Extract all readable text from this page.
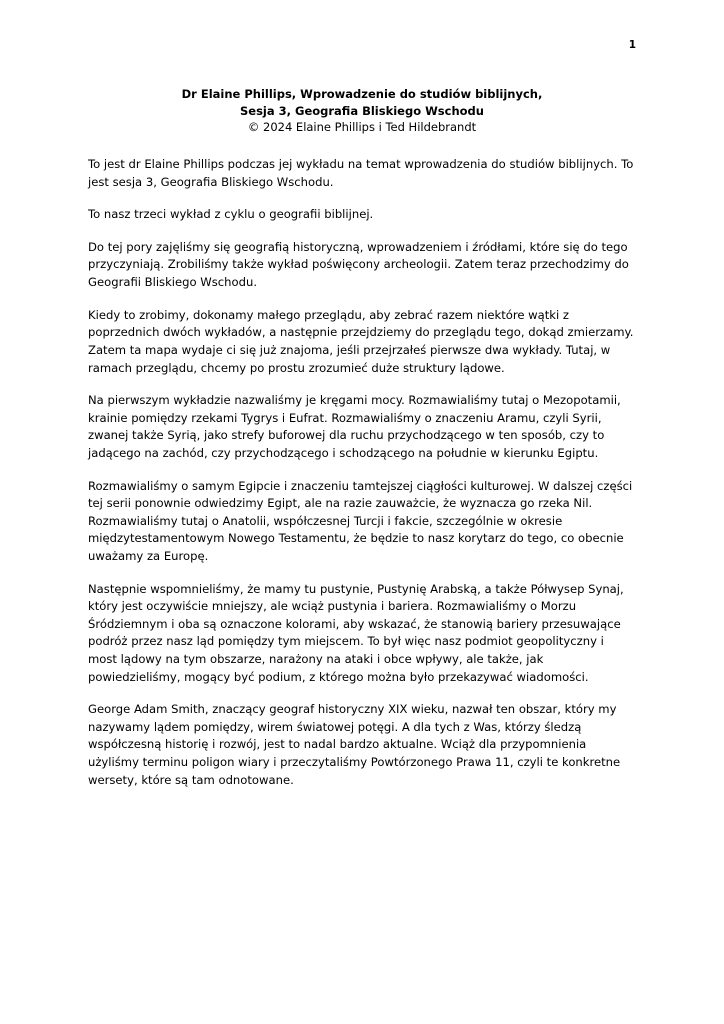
1
Dr Elaine Phillips, Wprowadzenie do studiów biblijnych,
Sesja 3, Geografia Bliskiego Wschodu
© 2024 Elaine Phillips i Ted Hildebrandt

To jest dr Elaine Phillips podczas jej wykładu na temat wprowadzenia do studiów biblijnych. To jest sesja 3, Geografia Bliskiego Wschodu.

To nasz trzeci wykład z cyklu o geografii biblijnej.

Do tej pory zajęliśmy się geografią historyczną, wprowadzeniem i źródłami, które się do tego przyczyniają. Zrobiliśmy także wykład poświęcony archeologii. Zatem teraz przechodzimy do Geografii Bliskiego Wschodu.

Kiedy to zrobimy, dokonamy małego przeglądu, aby zebrać razem niektóre wątki z poprzednich dwóch wykładów, a następnie przejdziemy do przeglądu tego, dokąd zmierzamy. Zatem ta mapa wydaje ci się już znajoma, jeśli przejrzałeś pierwsze dwa wykłady. Tutaj, w ramach przeglądu, chcemy po prostu zrozumieć duże struktury lądowe.

Na pierwszym wykładzie nazwaliśmy je kręgami mocy. Rozmawialiśmy tutaj o Mezopotamii, krainie pomiędzy rzekami Tygrys i Eufrat. Rozmawialiśmy o znaczeniu Aramu, czyli Syrii, zwanej także Syrią, jako strefy buforowej dla ruchu przychodzącego w ten sposób, czy to jadącego na zachód, czy przychodzącego i schodzącego na południe w kierunku Egiptu.

Rozmawialiśmy o samym Egipcie i znaczeniu tamtejszej ciągłości kulturowej. W dalszej części tej serii ponownie odwiedzimy Egipt, ale na razie zauważcie, że wyznacza go rzeka Nil. Rozmawialiśmy tutaj o Anatolii, współczesnej Turcji i fakcie, szczególnie w okresie międzytestamentowym Nowego Testamentu, że będzie to nasz korytarz do tego, co obecnie uważamy za Europę.

Następnie wspomnieliśmy, że mamy tu pustynie, Pustynię Arabską, a także Półwysep Synaj, który jest oczywiście mniejszy, ale wciąż pustynia i bariera. Rozmawialiśmy o Morzu Śródziemnym i oba są oznaczone kolorami, aby wskazać, że stanowią bariery przesuwające podróż przez nasz ląd pomiędzy tym miejscem. To był więc nasz podmiot geopolityczny i most lądowy na tym obszarze, narażony na ataki i obce wpływy, ale także, jak powiedzieliśmy, mogący być podium, z którego można było przekazywać wiadomości.

George Adam Smith, znaczący geograf historyczny XIX wieku, nazwał ten obszar, który my nazywamy lądem pomiędzy, wirem światowej potęgi. A dla tych z Was, którzy śledzą współczesną historię i rozwój, jest to nadal bardzo aktualne. Wciąż dla przypomnienia użyliśmy terminu poligon wiary i przeczytaliśmy Powtórzonego Prawa 11, czyli te konkretne wersety, które są tam odnotowane.
